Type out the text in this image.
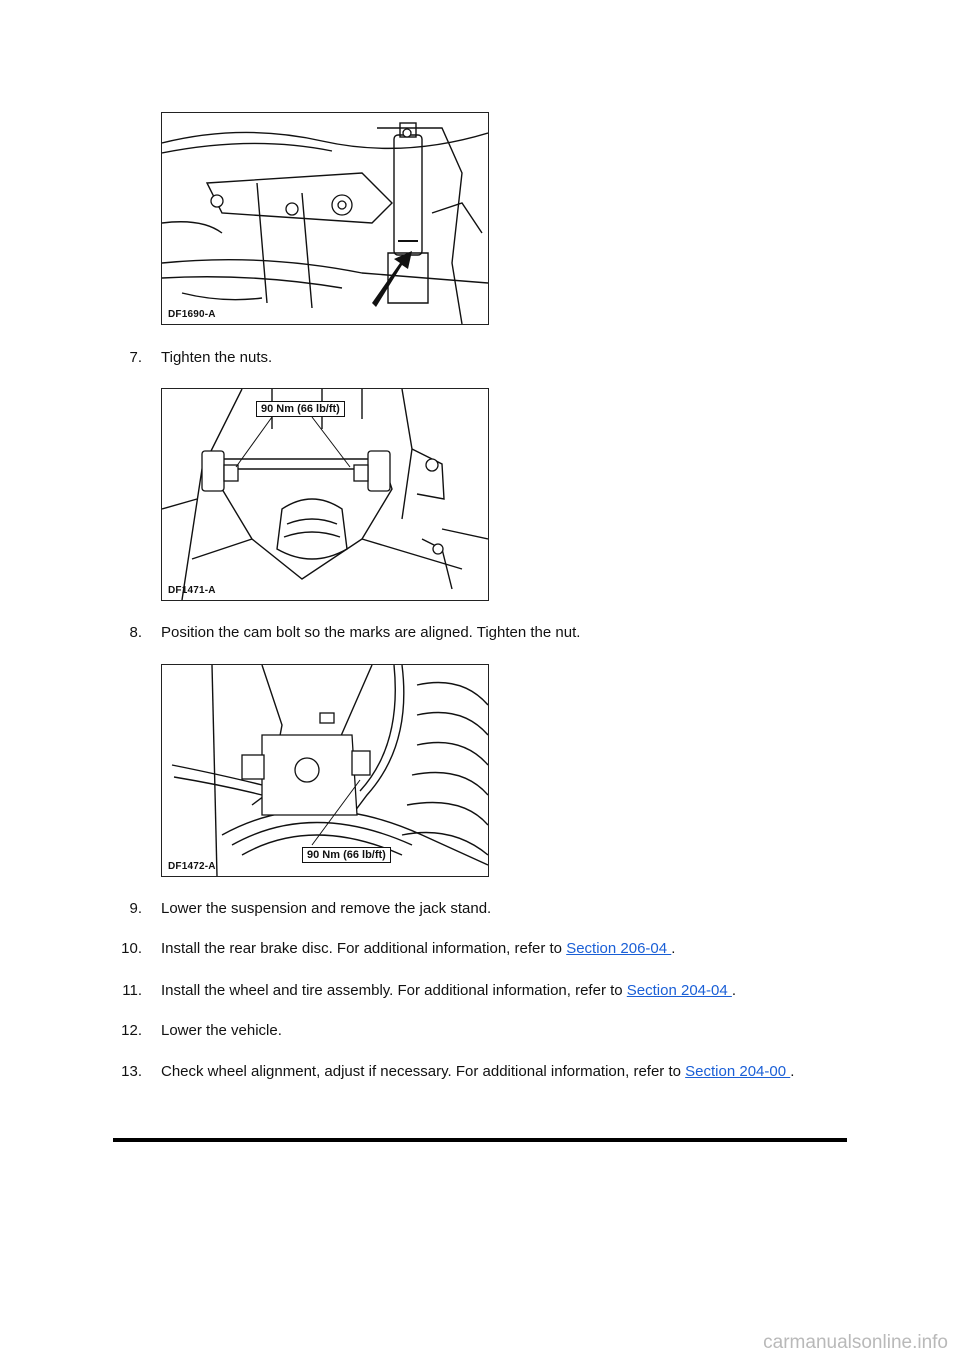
DF1690-A
7. Tighten the nuts.
90 Nm (66 lb/ft)
DF1471-A
8. Position the cam bolt so the marks are aligned. Tighten the nut.
90 Nm (66 lb/ft)
DF1472-A
9. Lower the suspension and remove the jack stand.
10. Install the rear brake disc. For additional information, refer to Section 206-04 .
11. Install the wheel and tire assembly. For additional information, refer to Section 204-04 .
12. Lower the vehicle.
13. Check wheel alignment, adjust if necessary. For additional information, refer to Section 204-00 .
carmanualsonline.info
